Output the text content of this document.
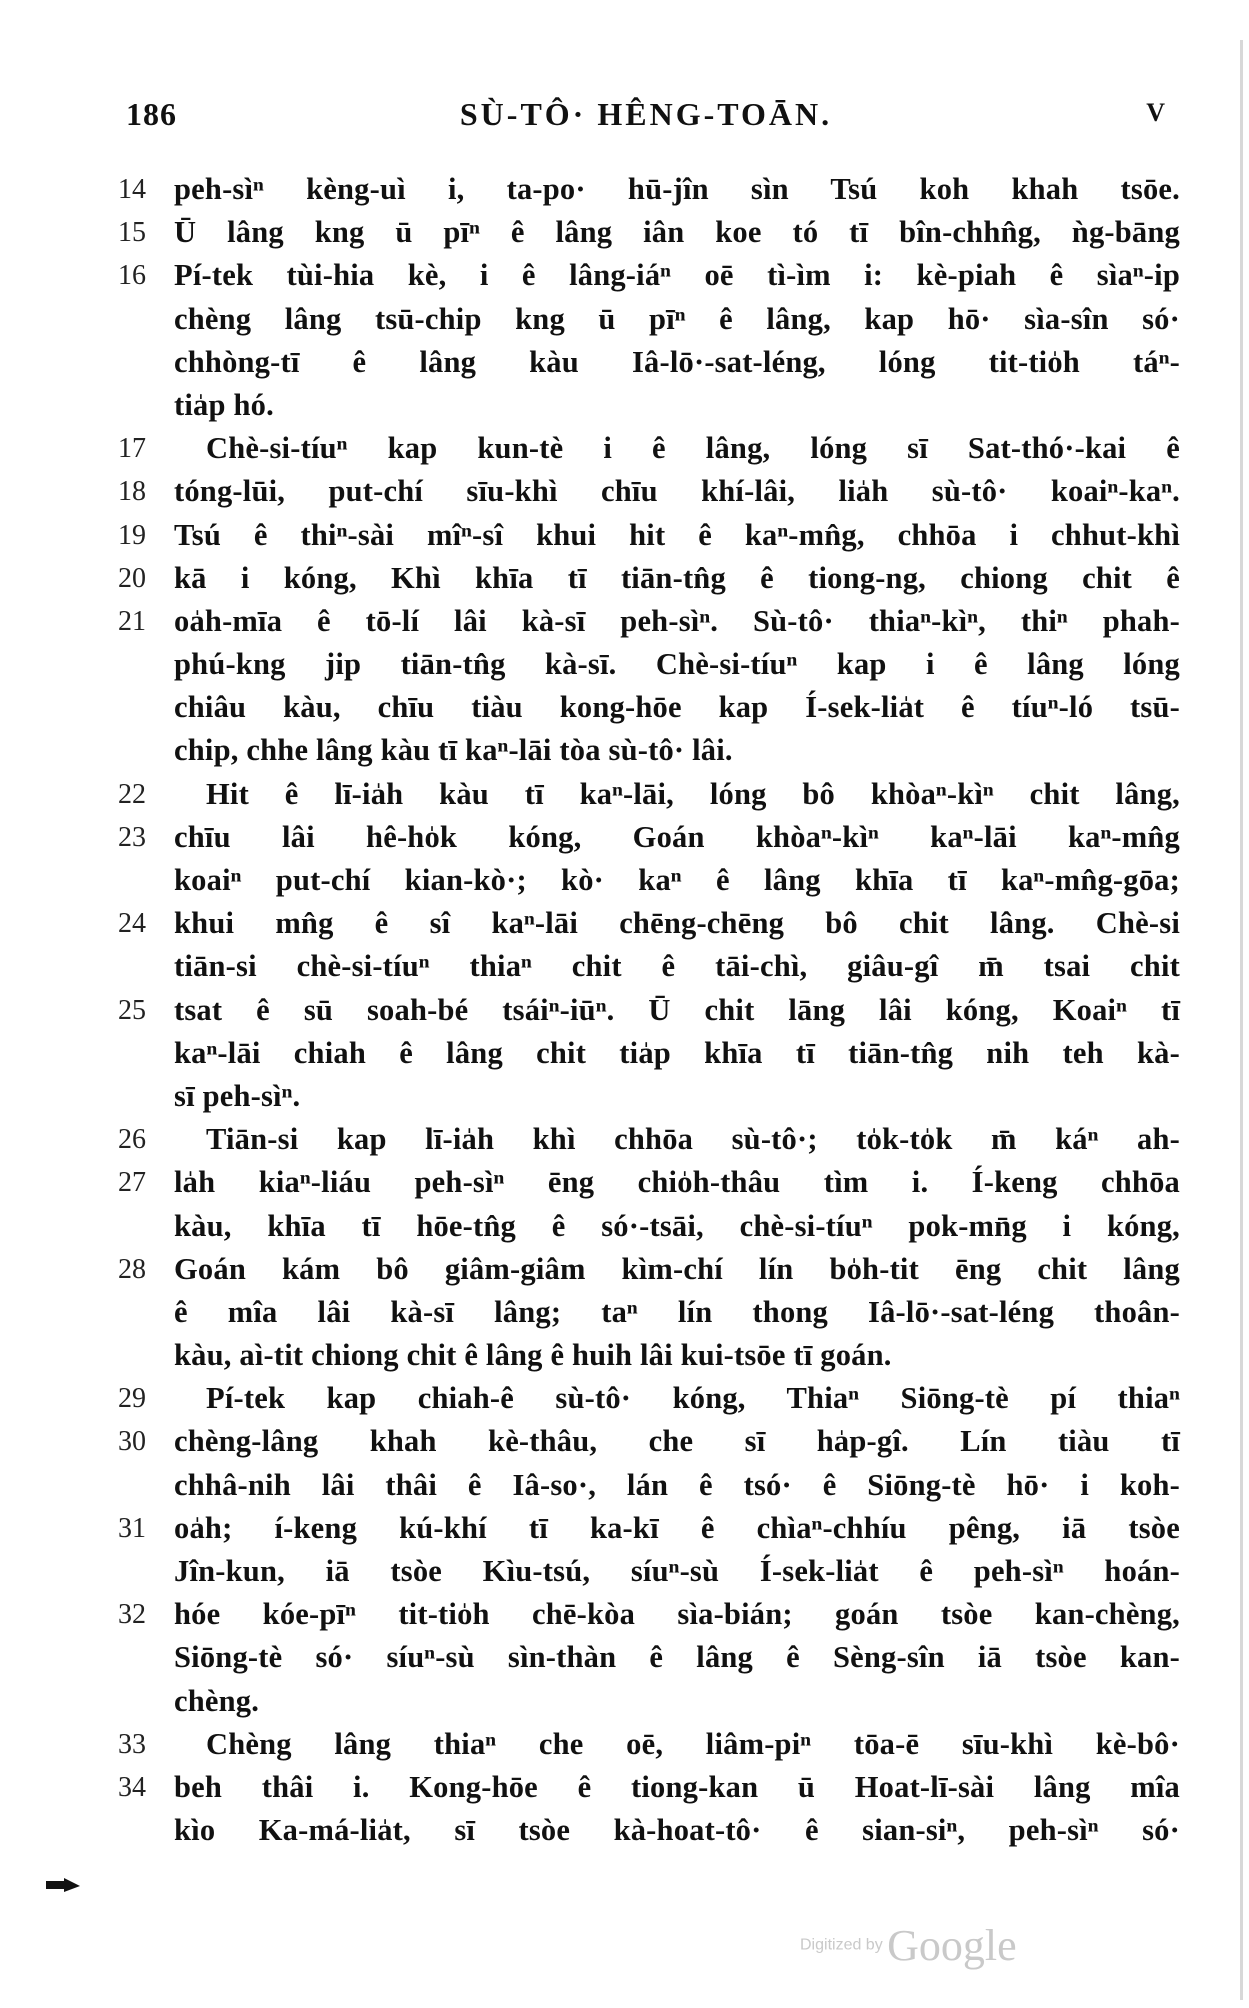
186	SÙ-TÔ· HÊNG-TOĀN.	V
14 peh-sìⁿ kèng-uì i, ta-po· hū-jîn sìn Tsú koh khah tsōe.
15 Ū lâng kng ū pīⁿ ê lâng iân koe tó tī bîn-chhn̂g, ǹg-bāng
16 Pí-tek tùi-hia kè, i ê lâng-iáⁿ oē tì-ìm i: kè-piah ê sìaⁿ-ip
chèng lâng tsū-chip kng ū pīⁿ ê lâng, kap hō· sìa-sîn só·
chhòng-tī ê lâng kàu Iâ-lō·-sat-léng, lóng tit-tio̍h táⁿ-
tia̍p hó.
17	Chè-si-tíuⁿ kap kun-tè i ê lâng, lóng sī Sat-thó·-kai ê
18 tóng-lūi, put-chí sīu-khì chīu khí-lâi, lia̍h sù-tô· koaiⁿ-kaⁿ.
19 Tsú ê thiⁿ-sài mîⁿ-sî khui hit ê kaⁿ-mn̂g, chhōa i chhut-khì
20 kā i kóng, Khì khīa tī tiān-tn̂g ê tiong-ng, chiong chit ê
21 oa̍h-mīa ê tō-lí lâi kà-sī peh-sìⁿ. Sù-tô· thiaⁿ-kìⁿ, thiⁿ phah-
phú-kng jip tiān-tn̂g kà-sī. Chè-si-tíuⁿ kap i ê lâng lóng
chiâu kàu, chīu tiàu kong-hōe kap Í-sek-lia̍t ê tíuⁿ-ló tsū-
chip, chhe lâng kàu tī kaⁿ-lāi tòa sù-tô· lâi.
22	Hit ê lī-ia̍h kàu tī kaⁿ-lāi, lóng bô khòaⁿ-kìⁿ chit lâng,
23 chīu lâi hê-ho̍k kóng, Goán khòaⁿ-kìⁿ kaⁿ-lāi kaⁿ-mn̂g
koaiⁿ put-chí kian-kò·; kò· kaⁿ ê lâng khīa tī kaⁿ-mn̂g-gōa;
24 khui mn̂g ê sî kaⁿ-lāi chēng-chēng bô chit lâng. Chè-si
tiān-si chè-si-tíuⁿ thiaⁿ chit ê tāi-chì, giâu-gî m̄ tsai chit
25 tsat ê sū soah-bé tsáiⁿ-iūⁿ. Ū chit lāng lâi kóng, Koaiⁿ tī
kaⁿ-lāi chiah ê lâng chit tia̍p khīa tī tiān-tn̂g nih teh kà-
sī peh-sìⁿ.
26	Tiān-si kap lī-ia̍h khì chhōa sù-tô·; to̍k-to̍k m̄ káⁿ ah-
27 la̍h kiaⁿ-liáu peh-sìⁿ ēng chio̍h-thâu tìm i. Í-keng chhōa
kàu, khīa tī hōe-tn̂g ê só·-tsāi, chè-si-tíuⁿ pok-mn̄g i kóng,
28 Goán kám bô giâm-giâm kìm-chí lín bo̍h-tit ēng chit lâng
ê mîa lâi kà-sī lâng; taⁿ lín thong Iâ-lō·-sat-léng thoân-
kàu, aì-tit chiong chit ê lâng ê huih lâi kui-tsōe tī goán.
29	Pí-tek kap chiah-ê sù-tô· kóng, Thiaⁿ Siōng-tè pí thiaⁿ
30 chèng-lâng khah kè-thâu, che sī ha̍p-gî. Lín tiàu tī
chhâ-nih lâi thâi ê Iâ-so·, lán ê tsó· ê Siōng-tè hō· i koh-
31 oa̍h; í-keng kú-khí tī ka-kī ê chìaⁿ-chhíu pêng, iā tsòe
Jîn-kun, iā tsòe Kìu-tsú, síuⁿ-sù Í-sek-lia̍t ê peh-sìⁿ hoán-
32 hóe kóe-pīⁿ tit-tio̍h chē-kòa sìa-bián; goán tsòe kan-chèng,
Siōng-tè só· síuⁿ-sù sìn-thàn ê lâng ê Sèng-sîn iā tsòe kan-
chèng.
33	Chèng lâng thiaⁿ che oē, liâm-piⁿ tōa-ē sīu-khì kè-bô·
34 beh thâi i. Kong-hōe ê tiong-kan ū Hoat-lī-sài lâng mîa
kìo Ka-má-lia̍t, sī tsòe kà-hoat-tô· ê sian-siⁿ, peh-sìⁿ só·
Digitized by Google
